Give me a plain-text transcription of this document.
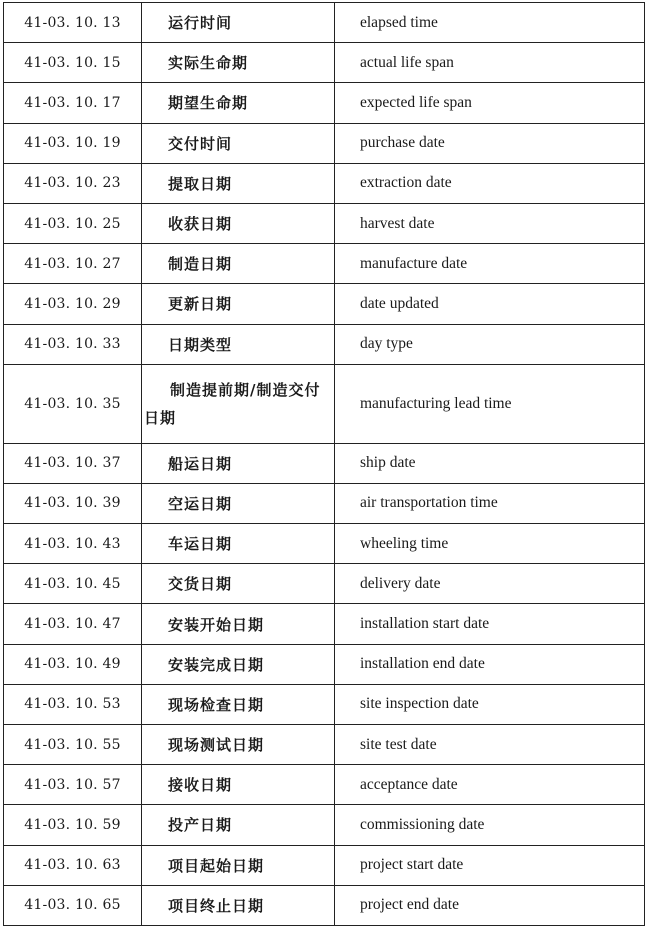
41-03. 10. 13	运行时间	elapsed time
41-03. 10. 15	实际生命期	actual life span
41-03. 10. 17	期望生命期	expected life span
41-03. 10. 19	交付时间	purchase date
41-03. 10. 23	提取日期	extraction date
41-03. 10. 25	收获日期	harvest date
41-03. 10. 27	制造日期	manufacture date
41-03. 10. 29	更新日期	date updated
41-03. 10. 33	日期类型	day type
41-03. 10. 35	制造提前期/制造交付日期	manufacturing lead time
41-03. 10. 37	船运日期	ship date
41-03. 10. 39	空运日期	air transportation time
41-03. 10. 43	车运日期	wheeling time
41-03. 10. 45	交货日期	delivery date
41-03. 10. 47	安装开始日期	installation start date
41-03. 10. 49	安装完成日期	installation end date
41-03. 10. 53	现场检查日期	site inspection date
41-03. 10. 55	现场测试日期	site test date
41-03. 10. 57	接收日期	acceptance date
41-03. 10. 59	投产日期	commissioning date
41-03. 10. 63	项目起始日期	project start date
41-03. 10. 65	项目终止日期	project end date
